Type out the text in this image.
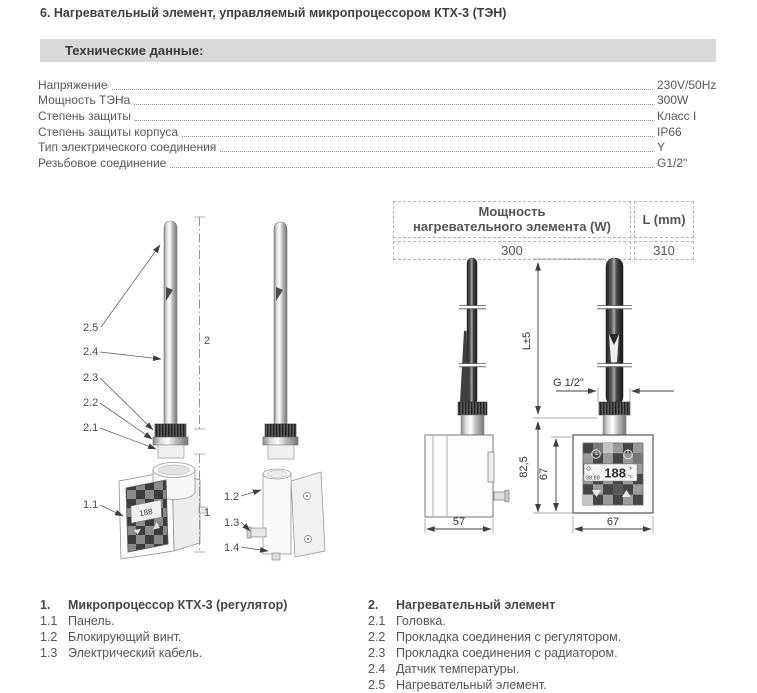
6. Нагревательный элемент, управляемый микропроцессором КТХ-3 (ТЭН)
Технические данные:
Напряжение	230V/50Hz
Мощность ТЭНа	300W
Степень защиты	Класс I
Степень защиты корпуса	IP66
Тип электрического соединения	Y
Резьбовое соединение	G1/2"
Мощность
нагревательного элемента (W)	L (mm)
300	310
188
2
1
2.5
2.4
2.3
2.2
2.1
1.1
1.2
1.3
1.4
188 °F
°C
88:88
L±5
82,5 67
57	67
G 1/2"
1.	Микропроцессор КТХ-3 (регулятор)
1.1 Панель.
1.2 Блокирующий винт.
1.3 Электрический кабель.
2.	Нагревательный элемент
2.1 Головка.
2.2 Прокладка соединения с регулятором.
2.3 Прокладка соединения с радиатором.
2.4 Датчик температуры.
2.5 Нагревательный элемент.
